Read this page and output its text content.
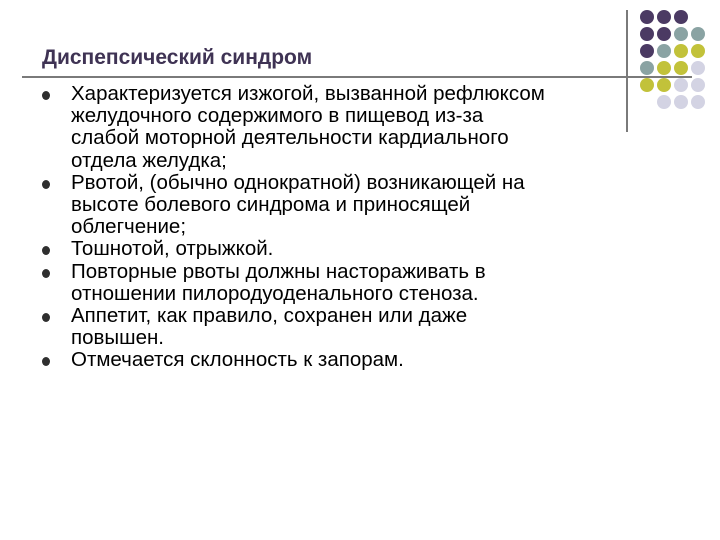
Диспепсический синдром
Характеризуется изжогой, вызванной рефлюксом
желудочного содержимого в пищевод из-за
слабой моторной деятельности кардиального
отдела желудка;
Рвотой, (обычно однократной) возникающей на
высоте болевого синдрома и приносящей
облегчение;
Тошнотой, отрыжкой.
Повторные рвоты должны настораживать в
отношении пилородуоденального стеноза.
Аппетит, как правило, сохранен или даже
повышен.
Отмечается склонность к запорам.
